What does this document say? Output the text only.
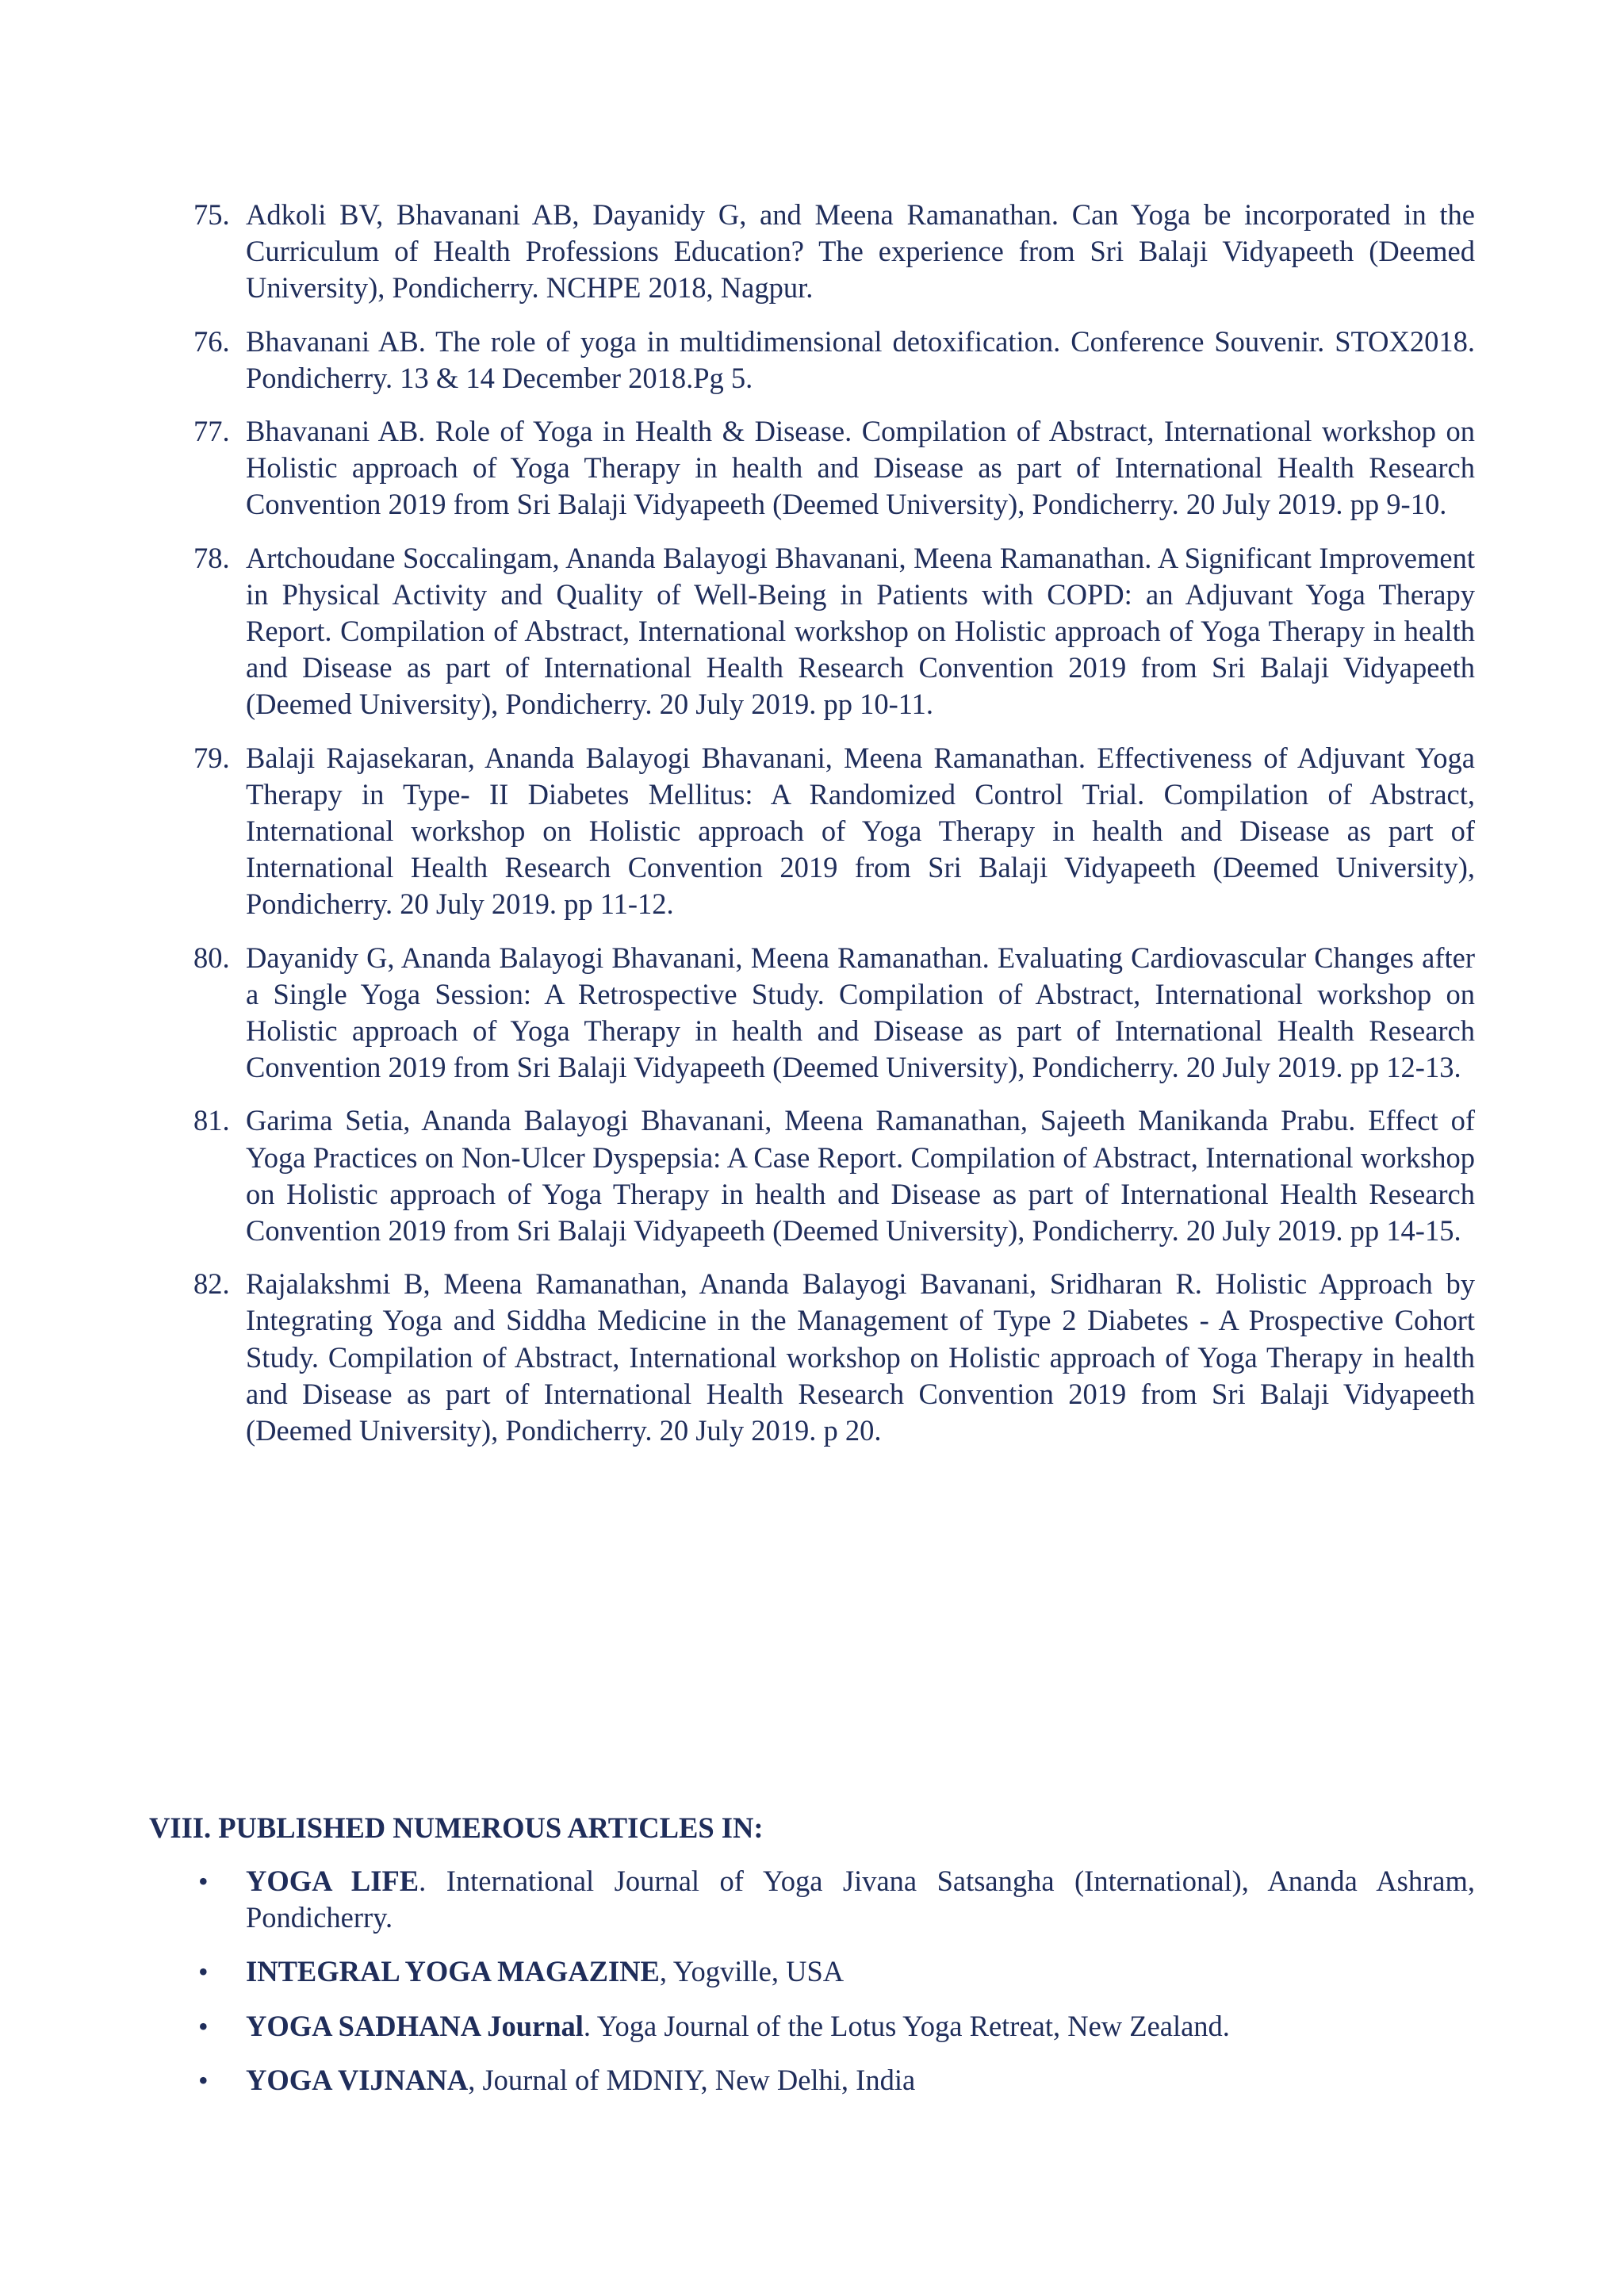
75. Adkoli BV, Bhavanani AB, Dayanidy G, and Meena Ramanathan. Can Yoga be incorporated in the Curriculum of Health Professions Education? The experience from Sri Balaji Vidyapeeth (Deemed University), Pondicherry. NCHPE 2018, Nagpur.
76. Bhavanani AB. The role of yoga in multidimensional detoxification. Conference Souvenir. STOX2018. Pondicherry. 13 & 14 December 2018.Pg 5.
77. Bhavanani AB. Role of Yoga in Health & Disease. Compilation of Abstract, International workshop on Holistic approach of Yoga Therapy in health and Disease as part of International Health Research Convention 2019 from Sri Balaji Vidyapeeth (Deemed University), Pondicherry. 20 July 2019. pp 9-10.
78. Artchoudane Soccalingam, Ananda Balayogi Bhavanani, Meena Ramanathan. A Significant Improvement in Physical Activity and Quality of Well-Being in Patients with COPD: an Adjuvant Yoga Therapy Report. Compilation of Abstract, International workshop on Holistic approach of Yoga Therapy in health and Disease as part of International Health Research Convention 2019 from Sri Balaji Vidyapeeth (Deemed University), Pondicherry. 20 July 2019. pp 10-11.
79. Balaji Rajasekaran, Ananda Balayogi Bhavanani, Meena Ramanathan. Effectiveness of Adjuvant Yoga Therapy in Type- II Diabetes Mellitus: A Randomized Control Trial. Compilation of Abstract, International workshop on Holistic approach of Yoga Therapy in health and Disease as part of International Health Research Convention 2019 from Sri Balaji Vidyapeeth (Deemed University), Pondicherry. 20 July 2019. pp 11-12.
80. Dayanidy G, Ananda Balayogi Bhavanani, Meena Ramanathan. Evaluating Cardiovascular Changes after a Single Yoga Session: A Retrospective Study. Compilation of Abstract, International workshop on Holistic approach of Yoga Therapy in health and Disease as part of International Health Research Convention 2019 from Sri Balaji Vidyapeeth (Deemed University), Pondicherry. 20 July 2019. pp 12-13.
81. Garima Setia, Ananda Balayogi Bhavanani, Meena Ramanathan, Sajeeth Manikanda Prabu. Effect of Yoga Practices on Non-Ulcer Dyspepsia: A Case Report. Compilation of Abstract, International workshop on Holistic approach of Yoga Therapy in health and Disease as part of International Health Research Convention 2019 from Sri Balaji Vidyapeeth (Deemed University), Pondicherry. 20 July 2019. pp 14-15.
82. Rajalakshmi B, Meena Ramanathan, Ananda Balayogi Bavanani, Sridharan R. Holistic Approach by Integrating Yoga and Siddha Medicine in the Management of Type 2 Diabetes - A Prospective Cohort Study. Compilation of Abstract, International workshop on Holistic approach of Yoga Therapy in health and Disease as part of International Health Research Convention 2019 from Sri Balaji Vidyapeeth (Deemed University), Pondicherry. 20 July 2019. p 20.
VIII. PUBLISHED NUMEROUS ARTICLES IN:
• YOGA LIFE. International Journal of Yoga Jivana Satsangha (International), Ananda Ashram, Pondicherry.
• INTEGRAL YOGA MAGAZINE, Yogville, USA
• YOGA SADHANA Journal. Yoga Journal of the Lotus Yoga Retreat, New Zealand.
• YOGA VIJNANA, Journal of MDNIY, New Delhi, India
